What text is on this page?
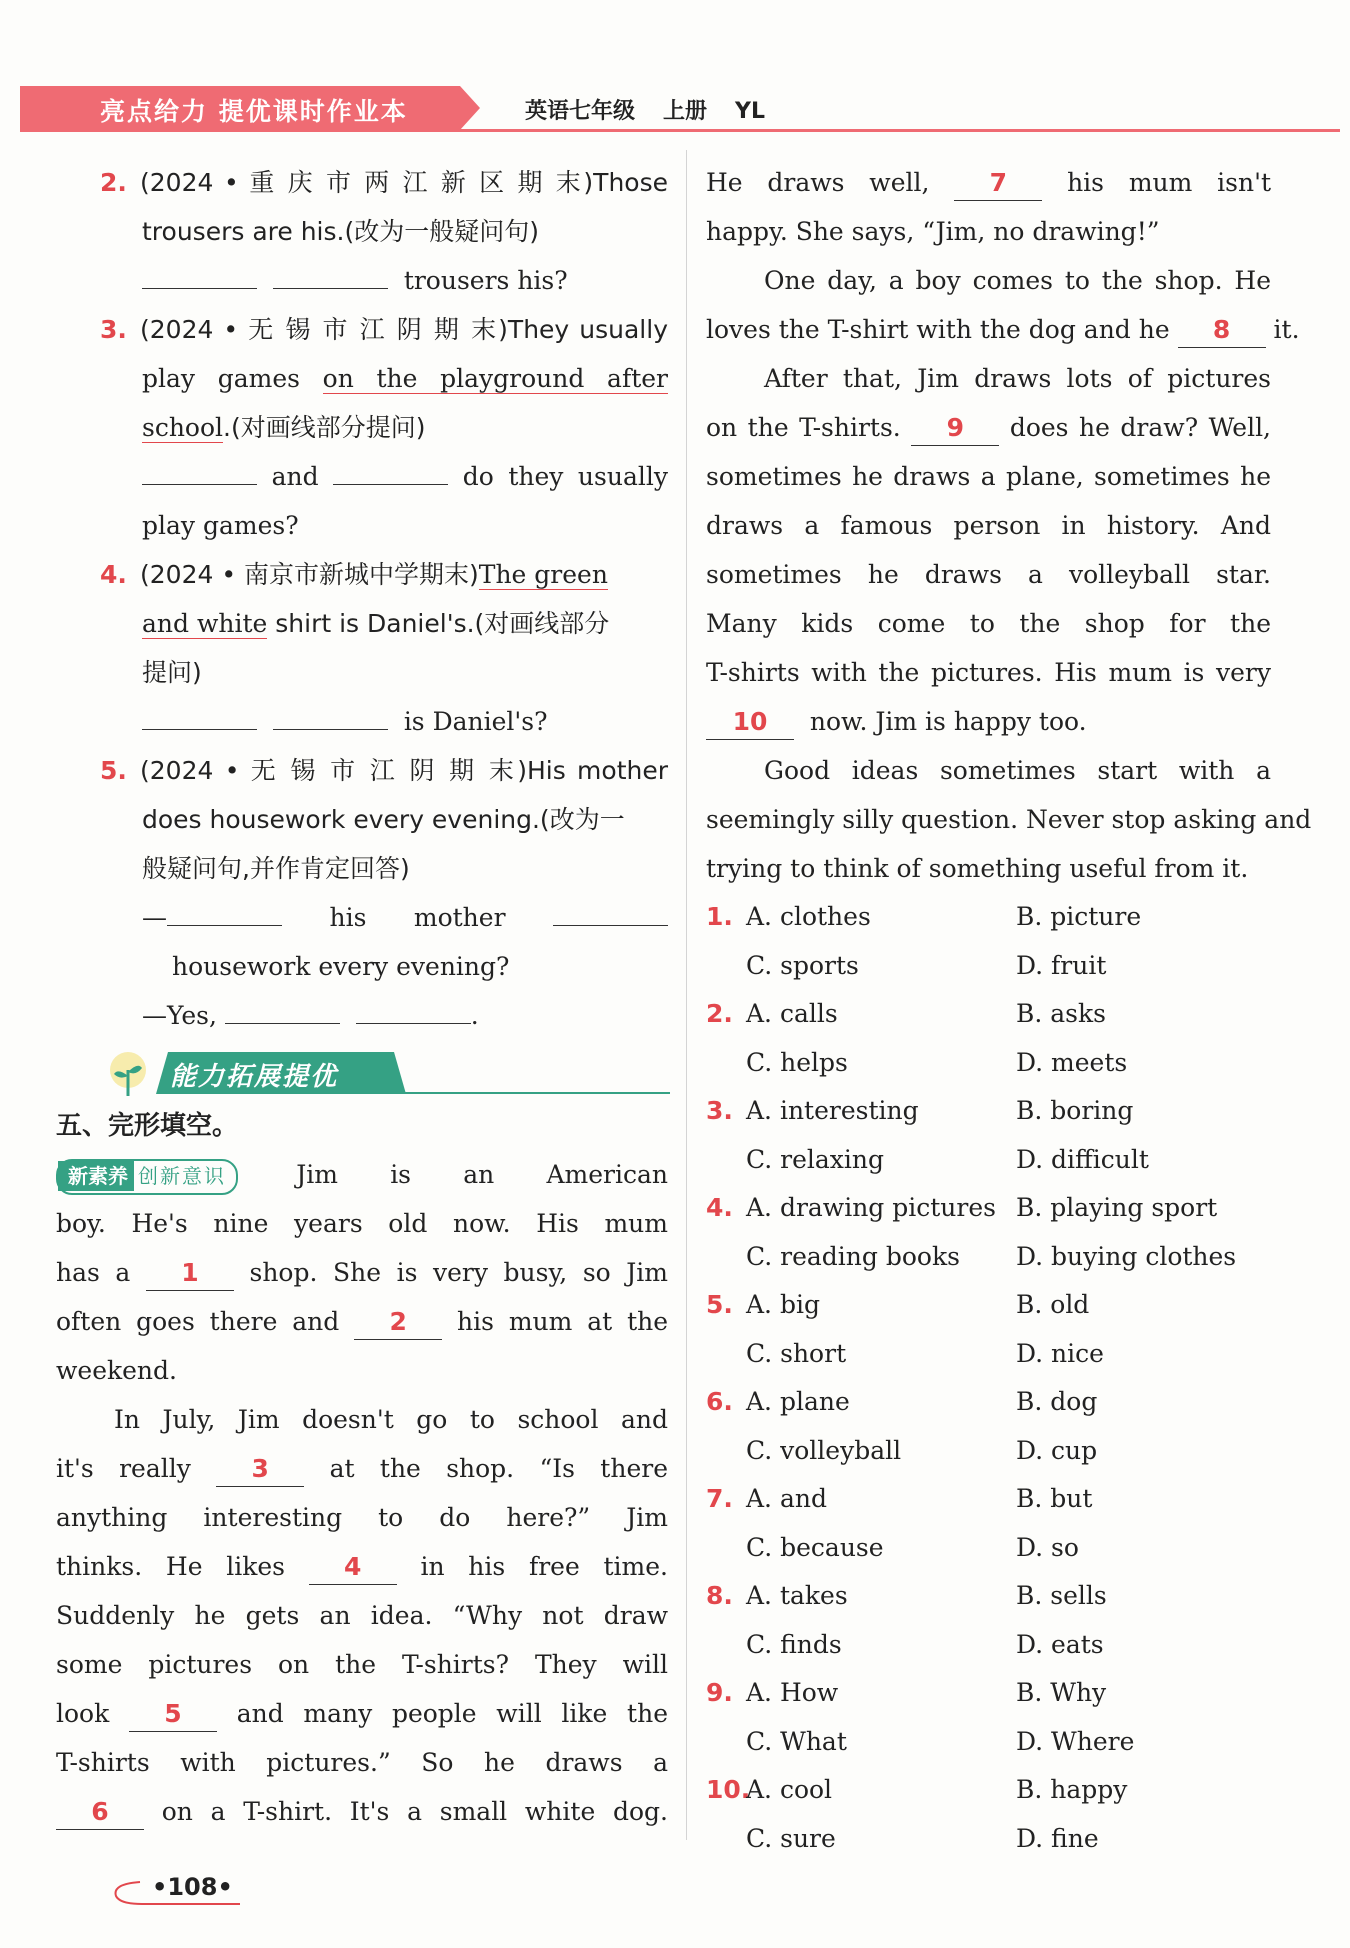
亮点给力 提优课时作业本	英语七年级 上册 YL
2. (2024 • 重 庆 市 两 江 新 区 期 末)Those
trousers are his.(改为一般疑问句)
trousers his?
3. (2024 • 无 锡 市 江 阴 期 末)They usually
play games on the playground after
school.(对画线部分提问)
and	do they usually
play games?
4. (2024 • 南京市新城中学期末)The green
and white shirt is Daniel's.(对画线部分
提问)
is Daniel's?
5. (2024 • 无 锡 市 江 阴 期 末)His mother
does housework every evening.(改为一
般疑问句,并作肯定回答)
—	his mother
housework every evening?
—Yes,	.
能力拓展提优
五、完形填空。
新素养 创新意识	Jim is an American
boy. He's nine years old now. His mum
has a 1 shop. She is very busy, so Jim
often goes there and 2 his mum at the
weekend.
In July, Jim doesn't go to school and
it's really 3 at the shop. “Is there
anything interesting to do here?” Jim
thinks. He likes 4 in his free time.
Suddenly he gets an idea. “Why not draw
some pictures on the T-shirts? They will
look 5 and many people will like the
T-shirts with pictures.” So he draws a
6 on a T-shirt. It's a small white dog.
He draws well, 7 his mum isn't
happy. She says, “Jim, no drawing!”
One day, a boy comes to the shop. He
loves the T-shirt with the dog and he 8 it.
After that, Jim draws lots of pictures
on the T-shirts. 9 does he draw? Well,
sometimes he draws a plane, sometimes he
draws a famous person in history. And
sometimes he draws a volleyball star.
Many kids come to the shop for the
T-shirts with the pictures. His mum is very
10 now. Jim is happy too.
Good ideas sometimes start with a
seemingly silly question. Never stop asking and
trying to think of something useful from it.
1. A. clothes	B. picture
C. sports	D. fruit
2. A. calls	B. asks
C. helps	D. meets
3. A. interesting	B. boring
C. relaxing	D. difficult
4. A. drawing pictures B. playing sport
C. reading books D. buying clothes
5. A. big	B. old
C. short	D. nice
6. A. plane	B. dog
C. volleyball	D. cup
7. A. and	B. but
C. because	D. so
8. A. takes	B. sells
C. finds	D. eats
9. A. How	B. Why
C. What	D. Where
10.
A. cool	B. happy
C. sure	D. fine
•108•
